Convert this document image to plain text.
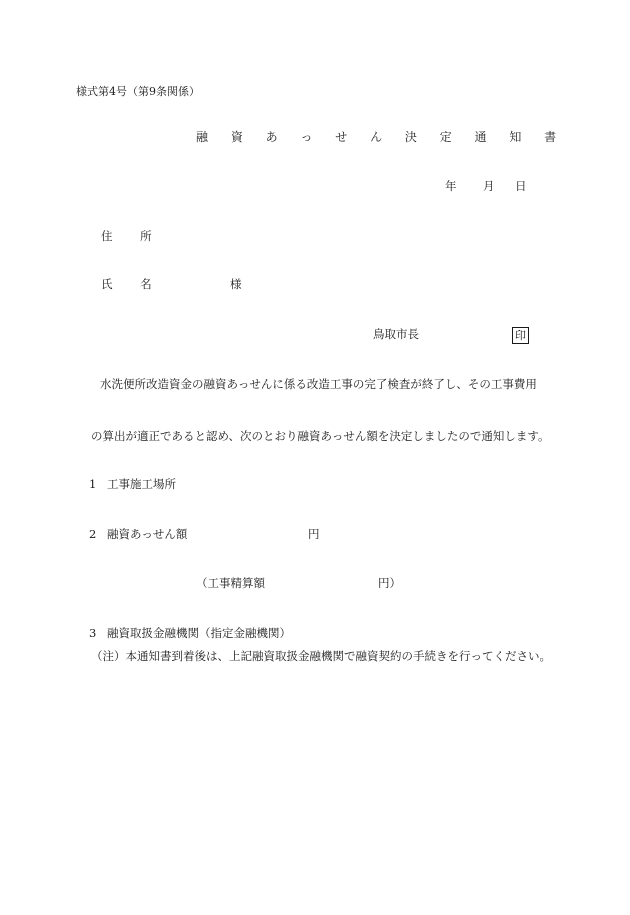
様式第4号（第9条関係）
融 資 あ っ せ ん 決 定 通 知 書
年 月 日
住 所
氏 名	様
鳥取市長	印
水洗便所改造資金の融資あっせんに係る改造工事の完了検査が終了し、その工事費用
の算出が適正であると認め、次のとおり融資あっせん額を決定しましたので通知します。
1 工事施工場所
2 融資あっせん額	円
（工事精算額	円）
3 融資取扱金融機関（指定金融機関）
（注）本通知書到着後は、上記融資取扱金融機関で融資契約の手続きを行ってください。
